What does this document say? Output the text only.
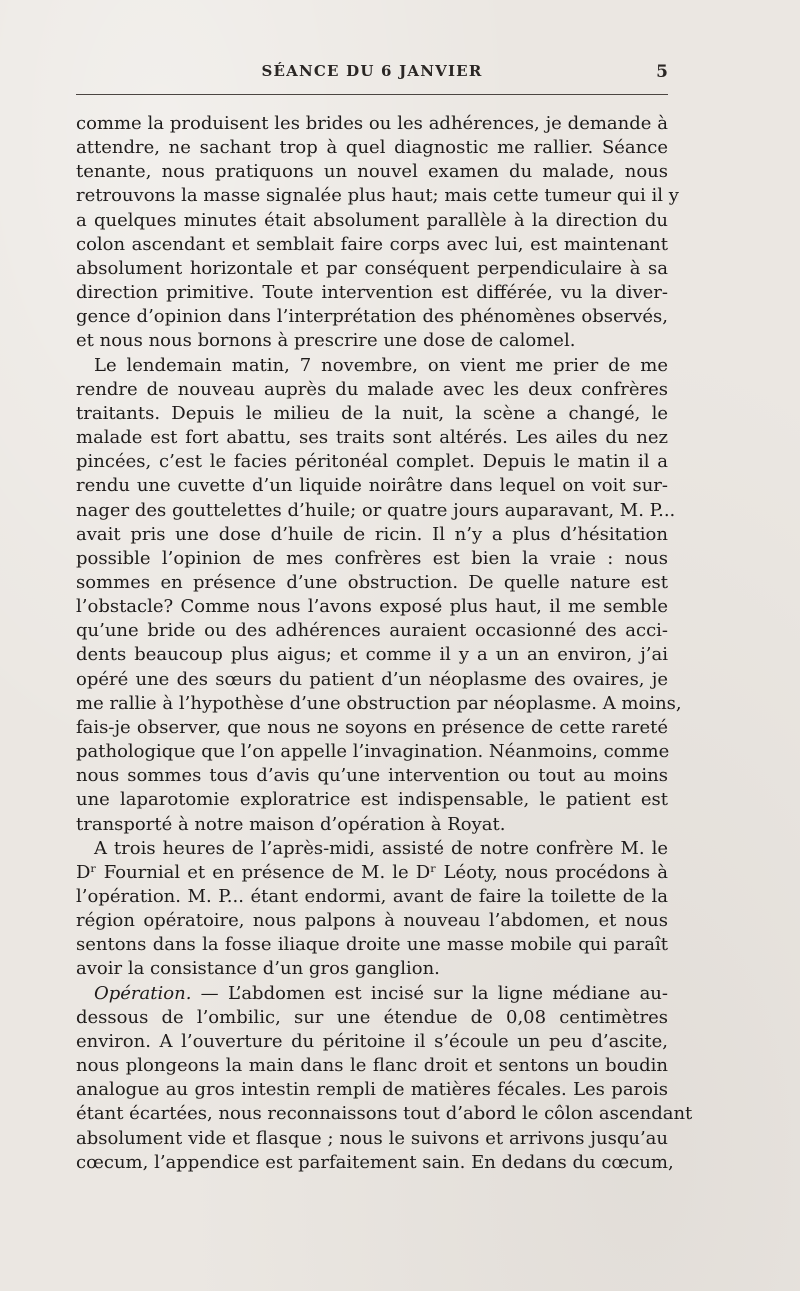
SÉANCE DU 6 JANVIER	5
comme la produisent les brides ou les adhérences, je demande à
attendre, ne sachant trop à quel diagnostic me rallier. Séance
tenante, nous pratiquons un nouvel examen du malade, nous
retrouvons la masse signalée plus haut; mais cette tumeur qui il y
a quelques minutes était absolument parallèle à la direction du
colon ascendant et semblait faire corps avec lui, est maintenant
absolument horizontale et par conséquent perpendiculaire à sa
direction primitive. Toute intervention est différée, vu la diver-
gence d’opinion dans l’interprétation des phénomènes observés,
et nous nous bornons à prescrire une dose de calomel.
Le lendemain matin, 7 novembre, on vient me prier de me
rendre de nouveau auprès du malade avec les deux confrères
traitants. Depuis le milieu de la nuit, la scène a changé, le
malade est fort abattu, ses traits sont altérés. Les ailes du nez
pincées, c’est le facies péritonéal complet. Depuis le matin il a
rendu une cuvette d’un liquide noirâtre dans lequel on voit sur-
nager des gouttelettes d’huile; or quatre jours auparavant, M. P...
avait pris une dose d’huile de ricin. Il n’y a plus d’hésitation
possible l’opinion de mes confrères est bien la vraie : nous
sommes en présence d’une obstruction. De quelle nature est
l’obstacle? Comme nous l’avons exposé plus haut, il me semble
qu’une bride ou des adhérences auraient occasionné des acci-
dents beaucoup plus aigus; et comme il y a un an environ, j’ai
opéré une des sœurs du patient d’un néoplasme des ovaires, je
me rallie à l’hypothèse d’une obstruction par néoplasme. A moins,
fais-je observer, que nous ne soyons en présence de cette rareté
pathologique que l’on appelle l’invagination. Néanmoins, comme
nous sommes tous d’avis qu’une intervention ou tout au moins
une laparotomie exploratrice est indispensable, le patient est
transporté à notre maison d’opération à Royat.
A trois heures de l’après-midi, assisté de notre confrère M. le
Dʳ Fournial et en présence de M. le Dʳ Léoty, nous procédons à
l’opération. M. P... étant endormi, avant de faire la toilette de la
région opératoire, nous palpons à nouveau l’abdomen, et nous
sentons dans la fosse iliaque droite une masse mobile qui paraît
avoir la consistance d’un gros ganglion.
Opération. — L’abdomen est incisé sur la ligne médiane au-
dessous de l’ombilic, sur une étendue de 0,08 centimètres
environ. A l’ouverture du péritoine il s’écoule un peu d’ascite,
nous plongeons la main dans le flanc droit et sentons un boudin
analogue au gros intestin rempli de matières fécales. Les parois
étant écartées, nous reconnaissons tout d’abord le côlon ascendant
absolument vide et flasque ; nous le suivons et arrivons jusqu’au
cœcum, l’appendice est parfaitement sain. En dedans du cœcum,
